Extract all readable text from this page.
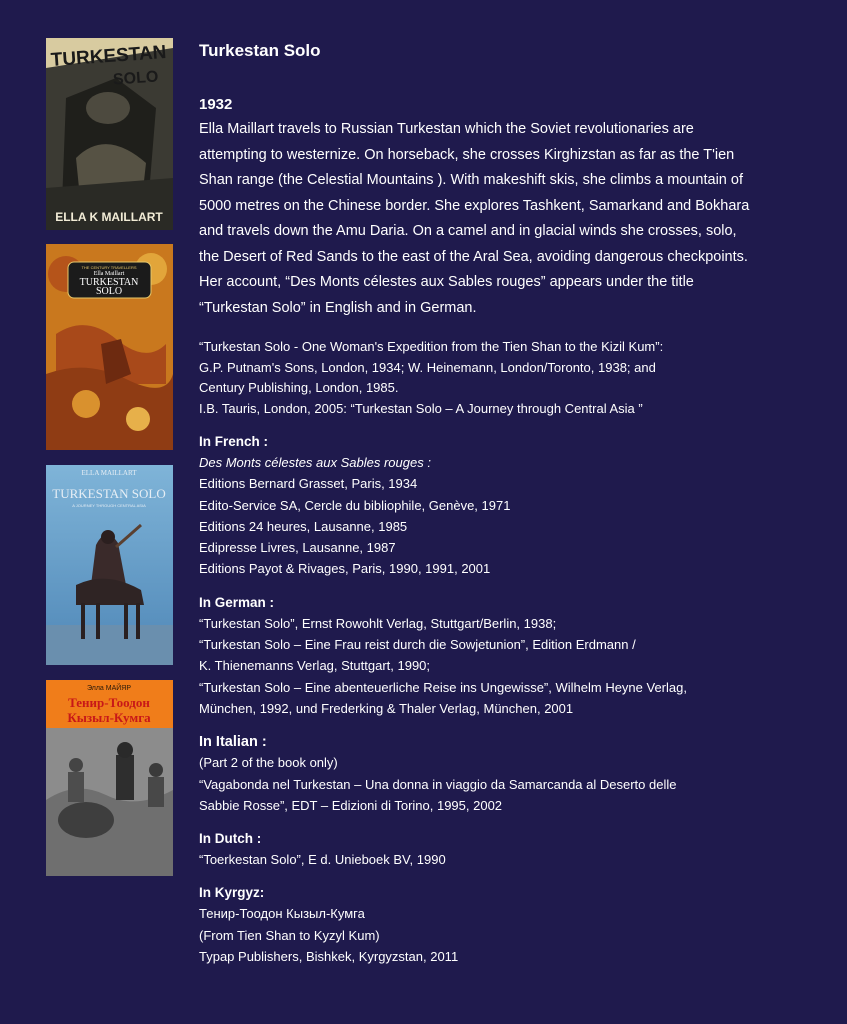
TURKESTAN
SOLO
ELLA K MAILLART
THE CENTURY TRAVELLERS
Ella Maillart
TURKESTAN
SOLO
ELLA MAILLART
TURKESTAN SOLO
A JOURNEY THROUGH CENTRAL ASIA
Элла МАЙЯР
Тенир-Тоодон
Кызыл-Кумга
Turkestan Solo
1932
Ella Maillart travels to Russian Turkestan which the Soviet revolutionaries are attempting to westernize. On horseback, she crosses Kirghizstan as far as the T'ien Shan range (the Celestial Mountains ). With makeshift skis, she climbs a mountain of 5000 metres on the Chinese border. She explores Tashkent, Samarkand and Bokhara and travels down the Amu Daria. On a camel and in glacial winds she crosses, solo, the Desert of Red Sands to the east of the Aral Sea, avoiding dangerous checkpoints. Her account, “Des Monts célestes aux Sables rouges” appears under the title “Turkestan Solo” in English and in German.
“Turkestan Solo - One Woman's Expedition from the Tien Shan to the Kizil Kum”:
G.P. Putnam's Sons, London, 1934; W. Heinemann, London/Toronto, 1938; and
Century Publishing, London, 1985.
I.B. Tauris, London, 2005: “Turkestan Solo – A Journey through Central Asia ”
In French :
Des Monts célestes aux Sables rouges :
Editions Bernard Grasset, Paris, 1934
Edito-Service SA, Cercle du bibliophile, Genève, 1971
Editions 24 heures, Lausanne, 1985
Edipresse Livres, Lausanne, 1987
Editions Payot & Rivages, Paris, 1990, 1991, 2001
In German :
“Turkestan Solo”, Ernst Rowohlt Verlag, Stuttgart/Berlin, 1938;
“Turkestan Solo – Eine Frau reist durch die Sowjetunion”, Edition Erdmann /
K. Thienemanns Verlag, Stuttgart, 1990;
“Turkestan Solo – Eine abenteuerliche Reise ins Ungewisse”, Wilhelm Heyne Verlag,
München, 1992, und Frederking & Thaler Verlag, München, 2001
In Italian :
(Part 2 of the book only)
“Vagabonda nel Turkestan – Una donna in viaggio da Samarcanda al Deserto delle
Sabbie Rosse”, EDT – Edizioni di Torino, 1995, 2002
In Dutch :
“Toerkestan Solo”, E d. Unieboek BV, 1990
In Kyrgyz:
Тенир-Тоодон Кызыл-Кумга
(From Tien Shan to Kyzyl Kum)
Typap Publishers, Bishkek, Kyrgyzstan, 2011
